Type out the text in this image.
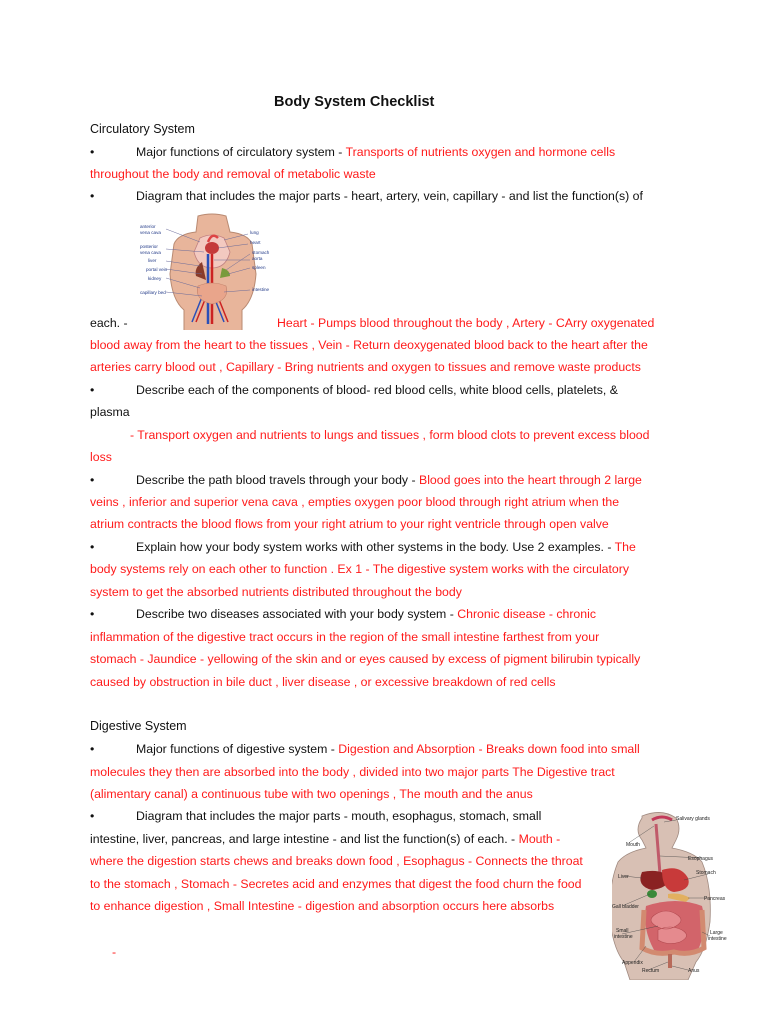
Body System Checklist
Circulatory System
•	Major functions of circulatory system - Transports of nutrients oxygen and hormone cells
throughout the body and removal of metabolic waste
•	Diagram that includes the major parts - heart, artery, vein, capillary - and list the function(s) of
anterior
vena cava
posterior
vena cava
liver
portal vein
kidney
capillary bed
lung
heart
stomach
aorta
spleen
intestine
each. -	Heart - Pumps blood throughout the body , Artery - CArry oxygenated
blood away from the heart to the tissues , Vein - Return deoxygenated blood back to the heart after the
arteries carry blood out , Capillary - Bring nutrients and oxygen to tissues and remove waste products
•	Describe each of the components of blood- red blood cells, white blood cells, platelets, &
plasma
- Transport oxygen and nutrients to lungs and tissues , form blood clots to prevent excess blood
loss
•	Describe the path blood travels through your body - Blood goes into the heart through 2 large
veins , inferior and superior vena cava , empties oxygen poor blood through right atrium when the
atrium contracts the blood flows from your right atrium to your right ventricle through open valve
•	Explain how your body system works with other systems in the body. Use 2 examples. - The
body systems rely on each other to function . Ex 1 - The digestive system works with the circulatory
system to get the absorbed nutrients distributed throughout the body
•	Describe two diseases associated with your body system - Chronic disease - chronic
inflammation of the digestive tract occurs in the region of the small intestine farthest from your
stomach - Jaundice - yellowing of the skin and or eyes caused by excess of pigment bilirubin typically
caused by obstruction in bile duct , liver disease , or excessive breakdown of red cells
Digestive System
•	Major functions of digestive system - Digestion and Absorption - Breaks down food into small
molecules they then are absorbed into the body , divided into two major parts The Digestive tract
(alimentary canal) a continuous tube with two openings , The mouth and the anus
•	Diagram that includes the major parts - mouth, esophagus, stomach, small
intestine, liver, pancreas, and large intestine - and list the function(s) of each. - Mouth -
where the digestion starts chews and breaks down food , Esophagus - Connects the throat
to the stomach , Stomach - Secretes acid and enzymes that digest the food churn the food
to enhance digestion , Small Intestine - digestion and absorption occurs here absorbs
-
Salivary glands
Mouth
Esophagus
Liver
Stomach
Gall bladder
Pancreas
Small
intestine
Large
intestine
Appendix
Rectum	Anus
